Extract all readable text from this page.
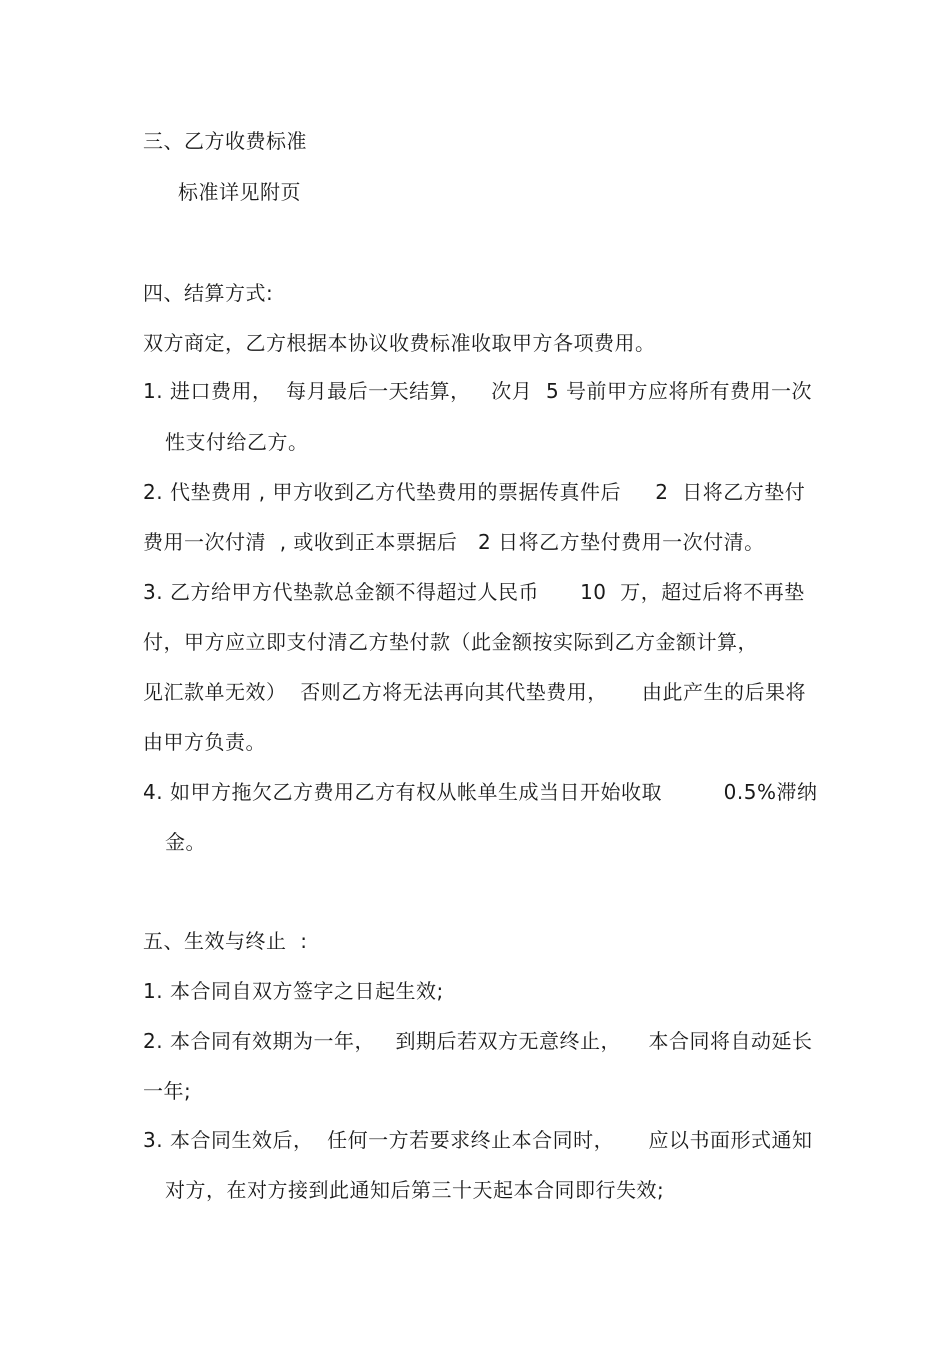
三、乙方收费标准
标准详见附页
四、结算方式:
双方商定，乙方根据本协议收费标准收取甲方各项费用。
1. 进口费用，  每月最后一天结算，   次月  5 号前甲方应将所有费用一次
性支付给乙方。
2. 代垫费用 , 甲方收到乙方代垫费用的票据传真件后     2  日将乙方垫付
费用一次付清  , 或收到正本票据后   2 日将乙方垫付费用一次付清。
3. 乙方给甲方代垫款总金额不得超过人民币      10  万，超过后将不再垫
付，甲方应立即支付清乙方垫付款（此金额按实际到乙方金额计算，
见汇款单无效）  否则乙方将无法再向其代垫费用，     由此产生的后果将
由甲方负责。
4. 如甲方拖欠乙方费用乙方有权从帐单生成当日开始收取         0.5%滞纳
金。
五、生效与终止  :
1. 本合同自双方签字之日起生效;
2. 本合同有效期为一年，   到期后若双方无意终止，    本合同将自动延长
一年;
3. 本合同生效后，  任何一方若要求终止本合同时，     应以书面形式通知
对方，在对方接到此通知后第三十天起本合同即行失效;
